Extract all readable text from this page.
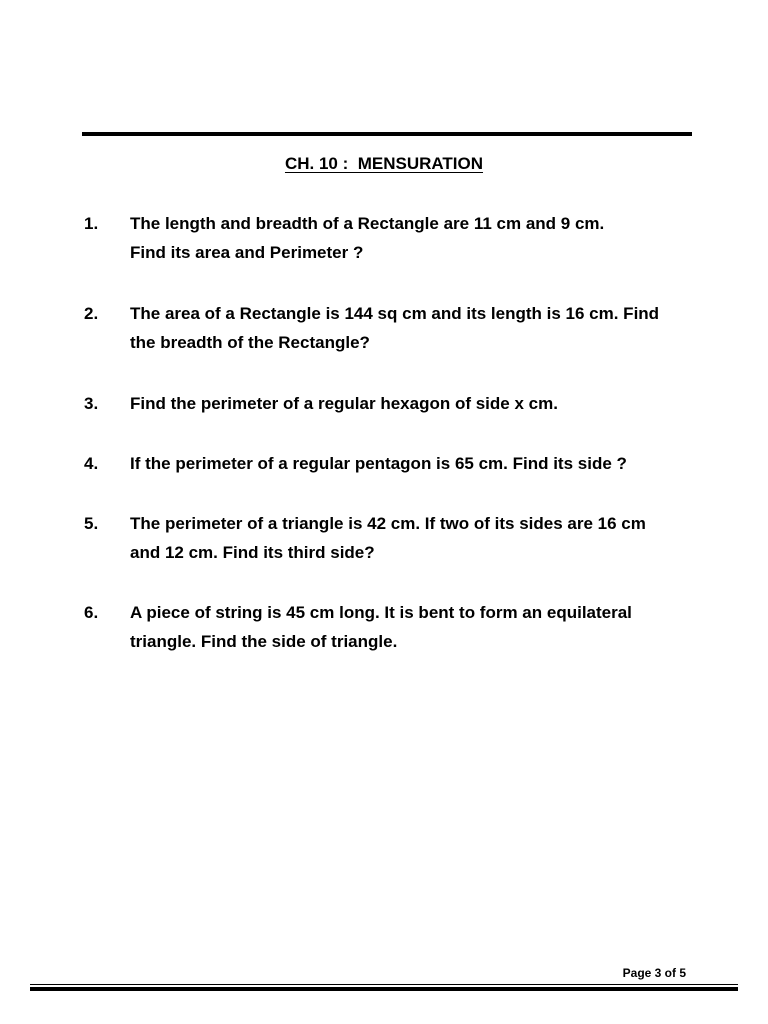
CH. 10 :  MENSURATION
1. The length and breadth of a Rectangle are 11 cm and 9 cm.
Find its area and Perimeter ?
2. The area of a Rectangle is 144 sq cm and its length is 16 cm. Find
the breadth of the Rectangle?
3. Find the perimeter of a regular hexagon of side x cm.
4. If the perimeter of a regular pentagon is 65 cm. Find its side ?
5. The perimeter of a triangle is 42 cm. If two of its sides are 16 cm
and 12 cm. Find its third side?
6. A piece of string is 45 cm long. It is bent to form an equilateral
triangle. Find the side of triangle.
Page 3 of 5
